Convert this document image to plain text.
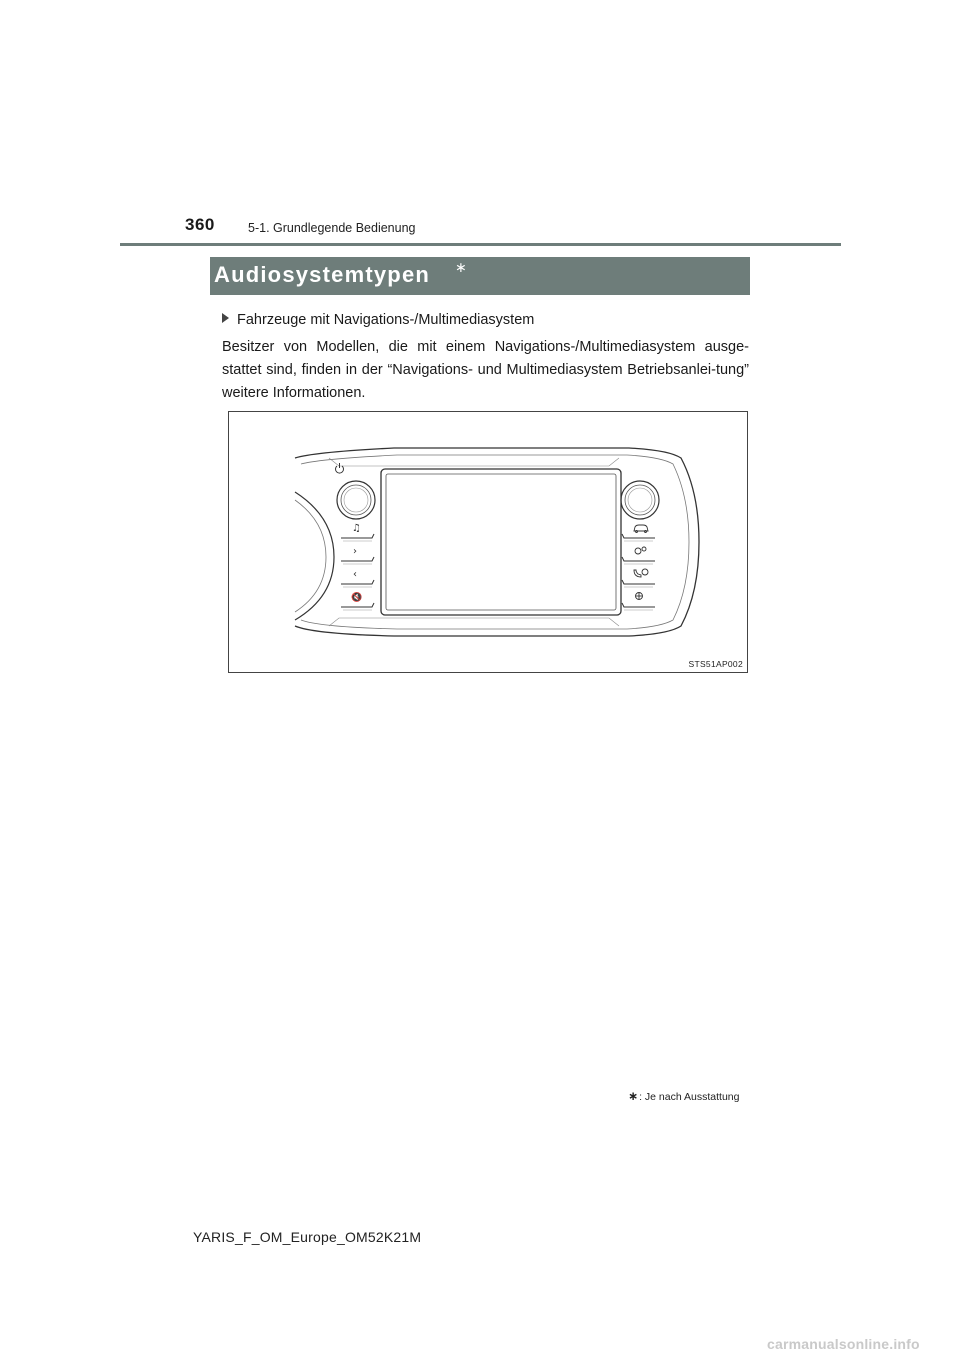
360	5-1. Grundlegende Bedienung
Audiosystemtypen ∗
Fahrzeuge mit Navigations-/Multimediasystem
Besitzer von Modellen, die mit einem Navigations-/Multimediasystem ausge-stattet sind, finden in der “Navigations- und Multimediasystem Betriebsanlei-tung” weitere Informationen.
♫
›
‹
🔇
STS51AP002
∗: Je nach Ausstattung
YARIS_F_OM_Europe_OM52K21M
carmanualsonline.info
